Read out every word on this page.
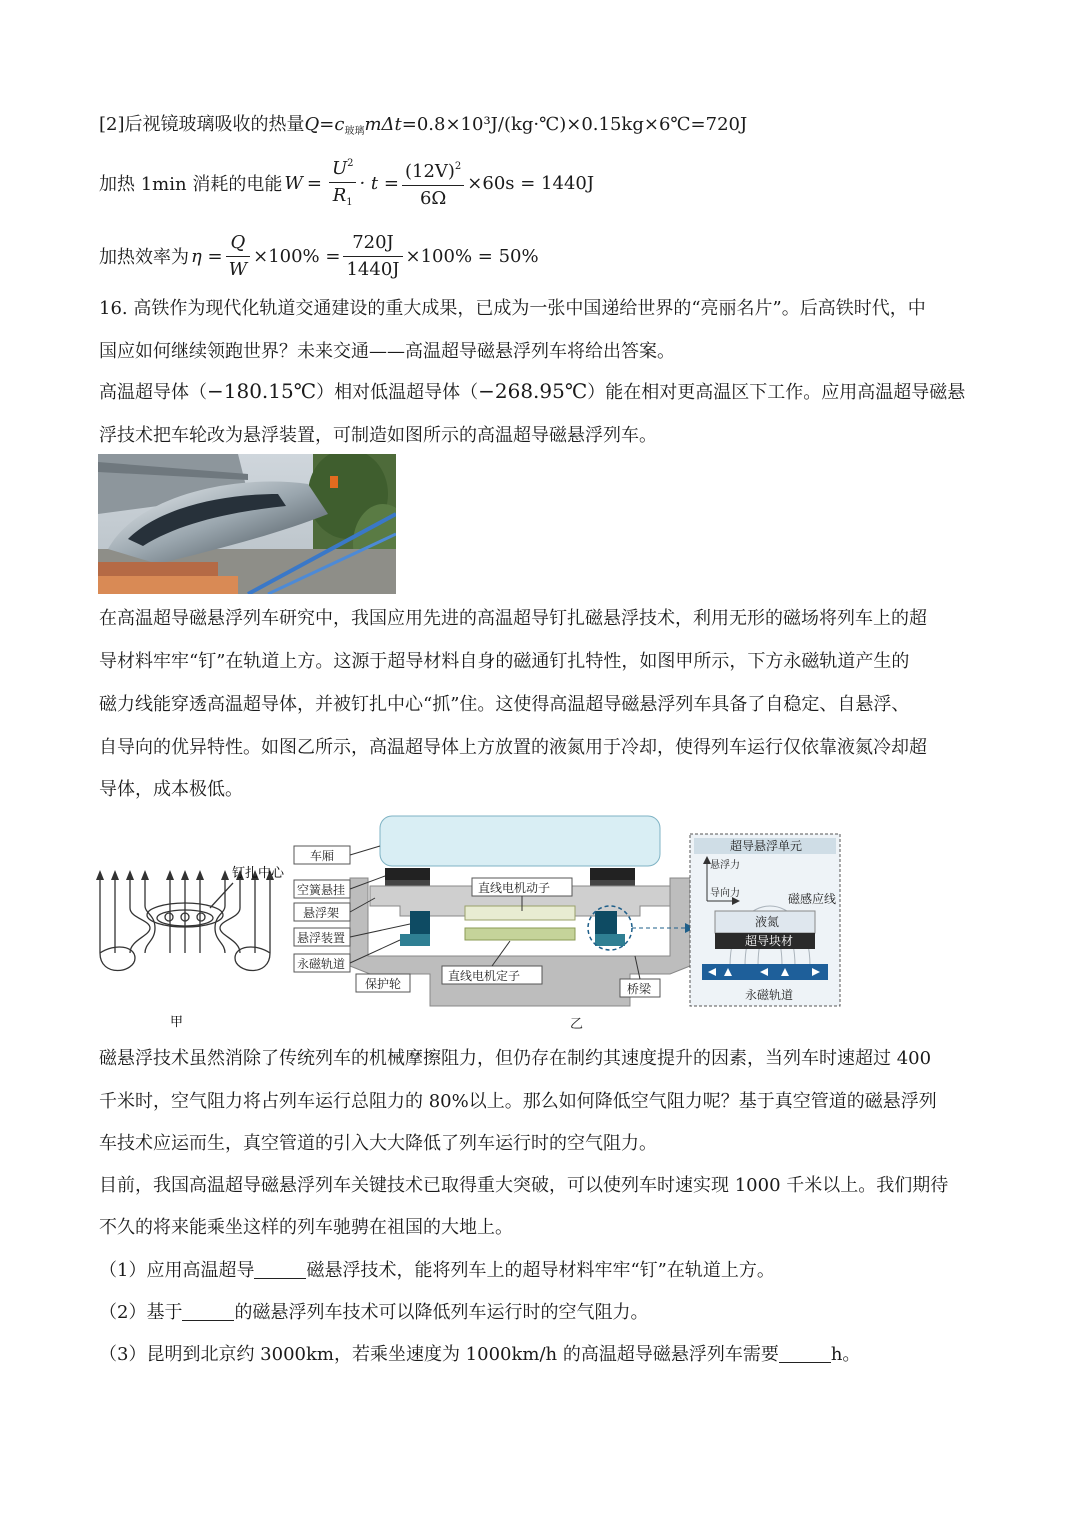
[2]后视镜玻璃吸收的热量$Q=c_{玻璃}m\Delta t=0.8\times 10^3J/(kg\cdot℃)\times 0.15kg\times 6℃=720J$
加热 1min 消耗的电能 $W = \frac{U^2}{R_1} \cdot t = \frac{(12V)^2}{6\Omega} \times 60s = 1440J$
加热效率为 $\eta = \frac{Q}{W} \times 100\% = \frac{720J}{1440J} \times 100\% = 50\%$
16. 高铁作为现代化轨道交通建设的重大成果，已成为一张中国递给世界的“亮丽名片”。后高铁时代，中
国应如何继续领跑世界？未来交通——高温超导磁悬浮列车将给出答案。
高温超导体（−180.15℃）相对低温超导体（−268.95℃）能在相对更高温区下工作。应用高温超导磁悬
浮技术把车轮改为悬浮装置，可制造如图所示的高温超导磁悬浮列车。
在高温超导磁悬浮列车研究中，我国应用先进的高温超导钉扎磁悬浮技术，利用无形的磁场将列车上的超
导材料牢牢“钉”在轨道上方。这源于超导材料自身的磁通钉扎特性，如图甲所示，下方永磁轨道产生的
磁力线能穿透高温超导体，并被钉扎中心“抓”住。这使得高温超导磁悬浮列车具备了自稳定、自悬浮、
自导向的优异特性。如图乙所示，高温超导体上方放置的液氮用于冷却，使得列车运行仅依靠液氮冷却超
导体，成本极低。
钉扎中心
甲
车厢
空簧悬挂
悬浮架
悬浮装置
永磁轨道
保护轮
直线电机动子
直线电机定子
桥梁
超导悬浮单元
悬浮力
导向力	磁感应线
液氮
超导块材
永磁轨道
乙
磁悬浮技术虽然消除了传统列车的机械摩擦阻力，但仍存在制约其速度提升的因素，当列车时速超过 400
千米时，空气阻力将占列车运行总阻力的 80%以上。那么如何降低空气阻力呢？基于真空管道的磁悬浮列
车技术应运而生，真空管道的引入大大降低了列车运行时的空气阻力。
目前，我国高温超导磁悬浮列车关键技术已取得重大突破，可以使列车时速实现 1000 千米以上。我们期待
不久的将来能乘坐这样的列车驰骋在祖国的大地上。
（1）应用高温超导	磁悬浮技术，能将列车上的超导材料牢牢“钉”在轨道上方。
（2）基于	的磁悬浮列车技术可以降低列车运行时的空气阻力。
（3）昆明到北京约 3000km，若乘坐速度为 1000km/h 的高温超导磁悬浮列车需要	h。
